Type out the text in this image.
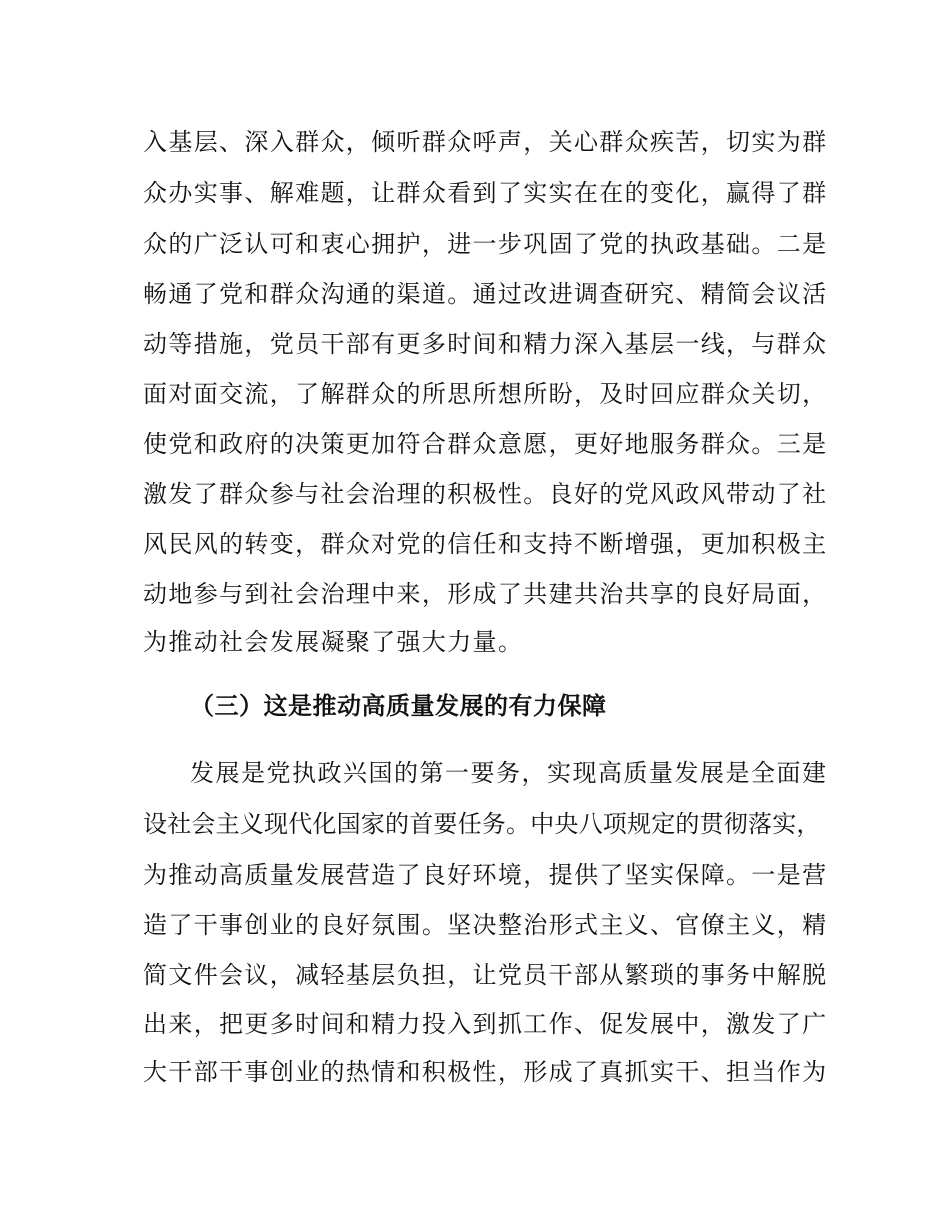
入基层、深入群众，倾听群众呼声，关心群众疾苦，切实为群
众办实事、解难题，让群众看到了实实在在的变化，赢得了群
众的广泛认可和衷心拥护，进一步巩固了党的执政基础。二是
畅通了党和群众沟通的渠道。通过改进调查研究、精简会议活
动等措施，党员干部有更多时间和精力深入基层一线，与群众
面对面交流，了解群众的所思所想所盼，及时回应群众关切，
使党和政府的决策更加符合群众意愿，更好地服务群众。三是
激发了群众参与社会治理的积极性。良好的党风政风带动了社
风民风的转变，群众对党的信任和支持不断增强，更加积极主
动地参与到社会治理中来，形成了共建共治共享的良好局面，
为推动社会发展凝聚了强大力量。
（三）这是推动高质量发展的有力保障
发展是党执政兴国的第一要务，实现高质量发展是全面建
设社会主义现代化国家的首要任务。中央八项规定的贯彻落实，
为推动高质量发展营造了良好环境，提供了坚实保障。一是营
造了干事创业的良好氛围。坚决整治形式主义、官僚主义，精
简文件会议，减轻基层负担，让党员干部从繁琐的事务中解脱
出来，把更多时间和精力投入到抓工作、促发展中，激发了广
大干部干事创业的热情和积极性，形成了真抓实干、担当作为
